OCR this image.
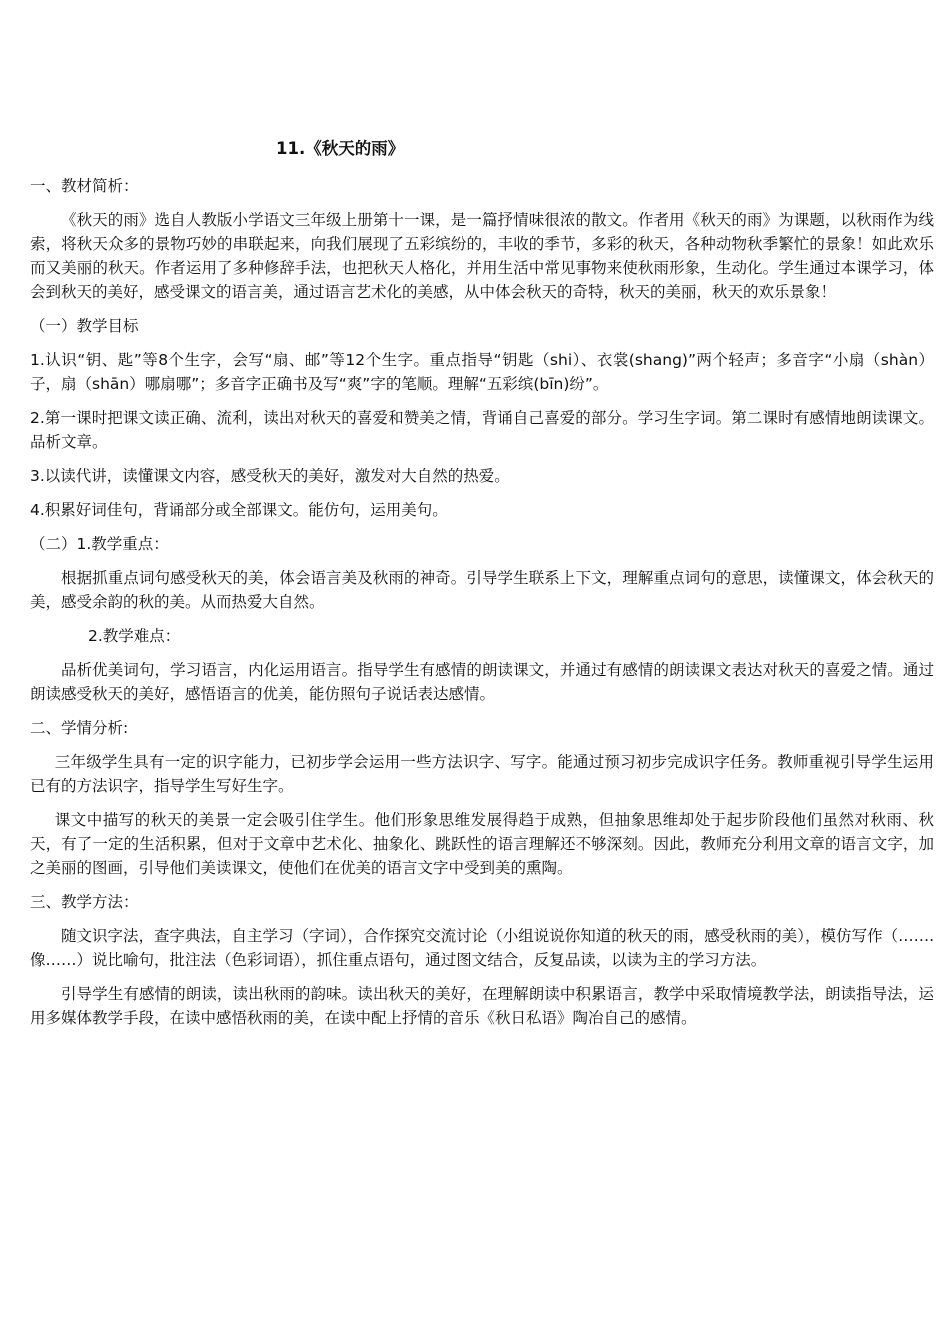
11.《秋天的雨》

一、教材简析：

《秋天的雨》选自人教版小学语文三年级上册第十一课，是一篇抒情味很浓的散文。作者用《秋天的雨》为课题，以秋雨作为线索，将秋天众多的景物巧妙的串联起来，向我们展现了五彩缤纷的，丰收的季节，多彩的秋天，各种动物秋季繁忙的景象！如此欢乐而又美丽的秋天。作者运用了多种修辞手法，也把秋天人格化，并用生活中常见事物来使秋雨形象，生动化。学生通过本课学习，体会到秋天的美好，感受课文的语言美，通过语言艺术化的美感，从中体会秋天的奇特，秋天的美丽，秋天的欢乐景象！

（一）教学目标

1.认识“钥、匙”等8个生字，会写“扇、邮”等12个生字。重点指导“钥匙（shi）、衣裳(shang)”两个轻声；多音字“小扇（shàn）子，扇（shān）哪扇哪”；多音字正确书及写“爽”字的笔顺。理解“五彩缤(bīn)纷”。

2.第一课时把课文读正确、流利，读出对秋天的喜爱和赞美之情，背诵自己喜爱的部分。学习生字词。第二课时有感情地朗读课文。品析文章。

3.以读代讲，读懂课文内容，感受秋天的美好，激发对大自然的热爱。

4.积累好词佳句，背诵部分或全部课文。能仿句，运用美句。

（二）1.教学重点：

根据抓重点词句感受秋天的美，体会语言美及秋雨的神奇。引导学生联系上下文，理解重点词句的意思，读懂课文，体会秋天的美，感受余韵的秋的美。从而热爱大自然。

2.教学难点：

品析优美词句，学习语言，内化运用语言。指导学生有感情的朗读课文，并通过有感情的朗读课文表达对秋天的喜爱之情。通过朗读感受秋天的美好，感悟语言的优美，能仿照句子说话表达感情。

二、学情分析:

三年级学生具有一定的识字能力，已初步学会运用一些方法识字、写字。能通过预习初步完成识字任务。教师重视引导学生运用已有的方法识字，指导学生写好生字。

课文中描写的秋天的美景一定会吸引住学生。他们形象思维发展得趋于成熟，但抽象思维却处于起步阶段他们虽然对秋雨、秋天，有了一定的生活积累，但对于文章中艺术化、抽象化、跳跃性的语言理解还不够深刻。因此，教师充分利用文章的语言文字，加之美丽的图画，引导他们美读课文，使他们在优美的语言文字中受到美的熏陶。

三、教学方法：

随文识字法，查字典法，自主学习（字词），合作探究交流讨论（小组说说你知道的秋天的雨，感受秋雨的美），模仿写作（…….像……）说比喻句，批注法（色彩词语），抓住重点语句，通过图文结合，反复品读，以读为主的学习方法。

引导学生有感情的朗读，读出秋雨的韵味。读出秋天的美好，在理解朗读中积累语言，教学中采取情境教学法，朗读指导法，运用多媒体教学手段，在读中感悟秋雨的美，在读中配上抒情的音乐《秋日私语》陶冶自己的感情。
